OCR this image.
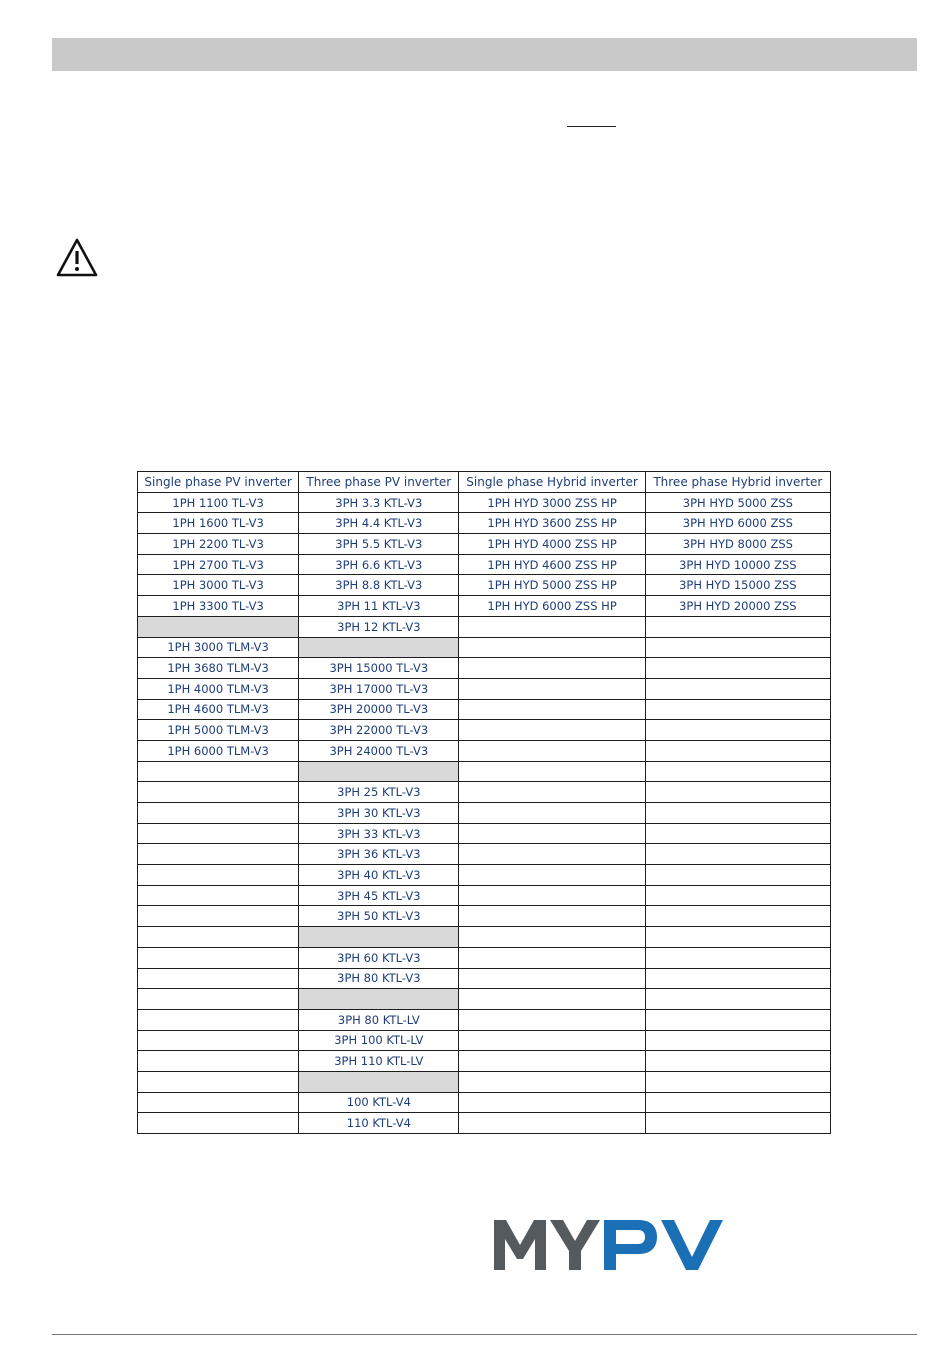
Single phase PV inverter	Three phase PV inverter	Single phase Hybrid inverter	Three phase Hybrid inverter
1PH 1100 TL-V3	3PH 3.3 KTL-V3	1PH HYD 3000 ZSS HP	3PH HYD 5000 ZSS
1PH 1600 TL-V3	3PH 4.4 KTL-V3	1PH HYD 3600 ZSS HP	3PH HYD 6000 ZSS
1PH 2200 TL-V3	3PH 5.5 KTL-V3	1PH HYD 4000 ZSS HP	3PH HYD 8000 ZSS
1PH 2700 TL-V3	3PH 6.6 KTL-V3	1PH HYD 4600 ZSS HP	3PH HYD 10000 ZSS
1PH 3000 TL-V3	3PH 8.8 KTL-V3	1PH HYD 5000 ZSS HP	3PH HYD 15000 ZSS
1PH 3300 TL-V3	3PH 11 KTL-V3	1PH HYD 6000 ZSS HP	3PH HYD 20000 ZSS
	3PH 12 KTL-V3		
1PH 3000 TLM-V3			
1PH 3680 TLM-V3	3PH 15000 TL-V3		
1PH 4000 TLM-V3	3PH 17000 TL-V3		
1PH 4600 TLM-V3	3PH 20000 TL-V3		
1PH 5000 TLM-V3	3PH 22000 TL-V3		
1PH 6000 TLM-V3	3PH 24000 TL-V3		

	3PH 25 KTL-V3		
	3PH 30 KTL-V3		
	3PH 33 KTL-V3		
	3PH 36 KTL-V3		
	3PH 40 KTL-V3		
	3PH 45 KTL-V3		
	3PH 50 KTL-V3		

	3PH 60 KTL-V3		
	3PH 80 KTL-V3		

	3PH 80 KTL-LV		
	3PH 100 KTL-LV		
	3PH 110 KTL-LV		

	100 KTL-V4		
	110 KTL-V4		
